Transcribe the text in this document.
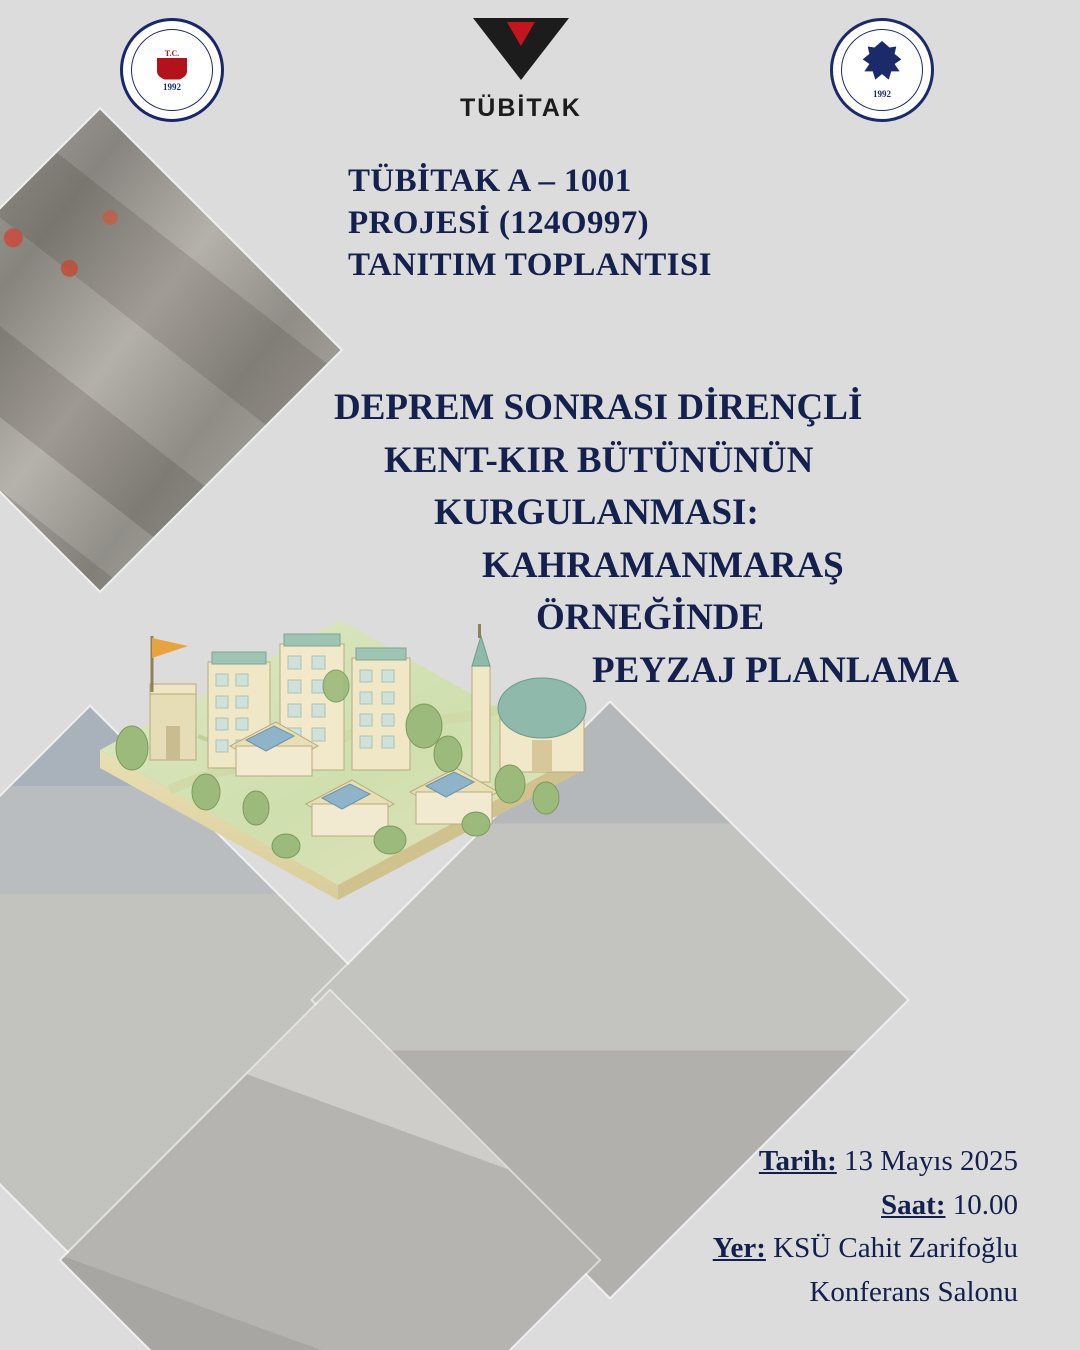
T.C.
1992
TÜBİTAK	1992
TÜBİTAK A – 1001
PROJESİ (124O997)
TANITIM TOPLANTISI
DEPREM SONRASI DİRENÇLİ
KENT-KIR BÜTÜNÜNÜN
KURGULANMASI:
KAHRAMANMARAŞ
ÖRNEĞİNDE
PEYZAJ PLANLAMA
Tarih: 13 Mayıs 2025
Saat: 10.00
Yer: KSÜ Cahit Zarifoğlu
Konferans Salonu
